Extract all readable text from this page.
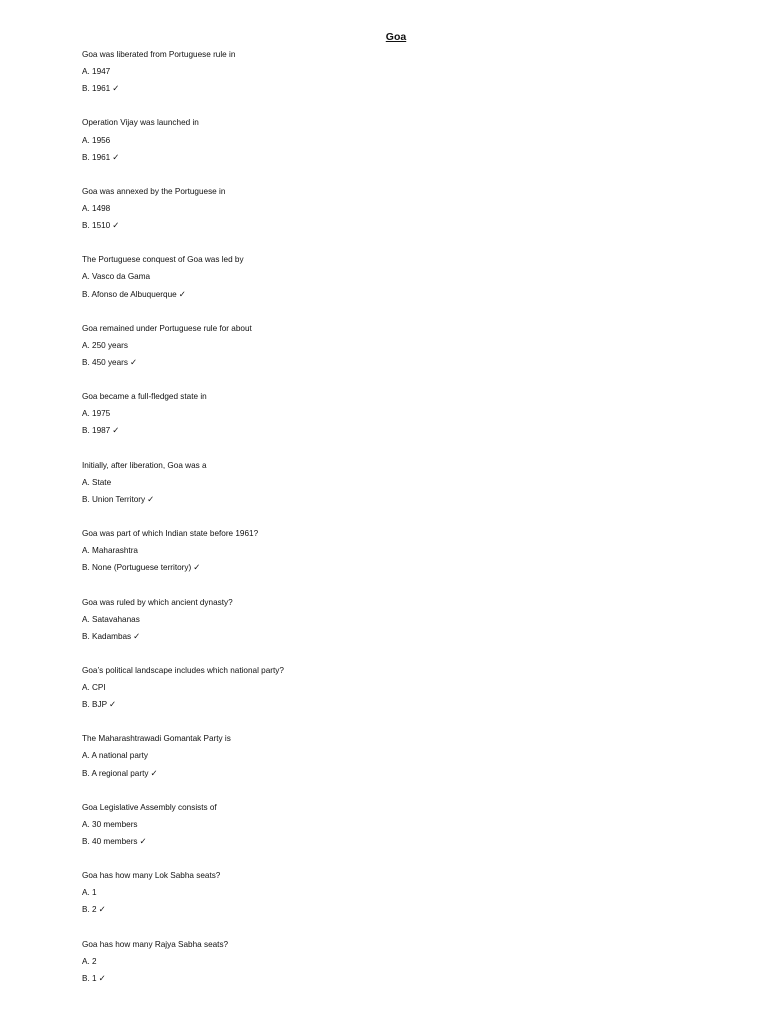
Goa
Goa was liberated from Portuguese rule in
A. 1947
B. 1961 ✓
Operation Vijay was launched in
A. 1956
B. 1961 ✓
Goa was annexed by the Portuguese in
A. 1498
B. 1510 ✓
The Portuguese conquest of Goa was led by
A. Vasco da Gama
B. Afonso de Albuquerque ✓
Goa remained under Portuguese rule for about
A. 250 years
B. 450 years ✓
Goa became a full-fledged state in
A. 1975
B. 1987 ✓
Initially, after liberation, Goa was a
A. State
B. Union Territory ✓
Goa was part of which Indian state before 1961?
A. Maharashtra
B. None (Portuguese territory) ✓
Goa was ruled by which ancient dynasty?
A. Satavahanas
B. Kadambas ✓
Goa’s political landscape includes which national party?
A. CPI
B. BJP ✓
The Maharashtrawadi Gomantak Party is
A. A national party
B. A regional party ✓
Goa Legislative Assembly consists of
A. 30 members
B. 40 members ✓
Goa has how many Lok Sabha seats?
A. 1
B. 2 ✓
Goa has how many Rajya Sabha seats?
A. 2
B. 1 ✓
